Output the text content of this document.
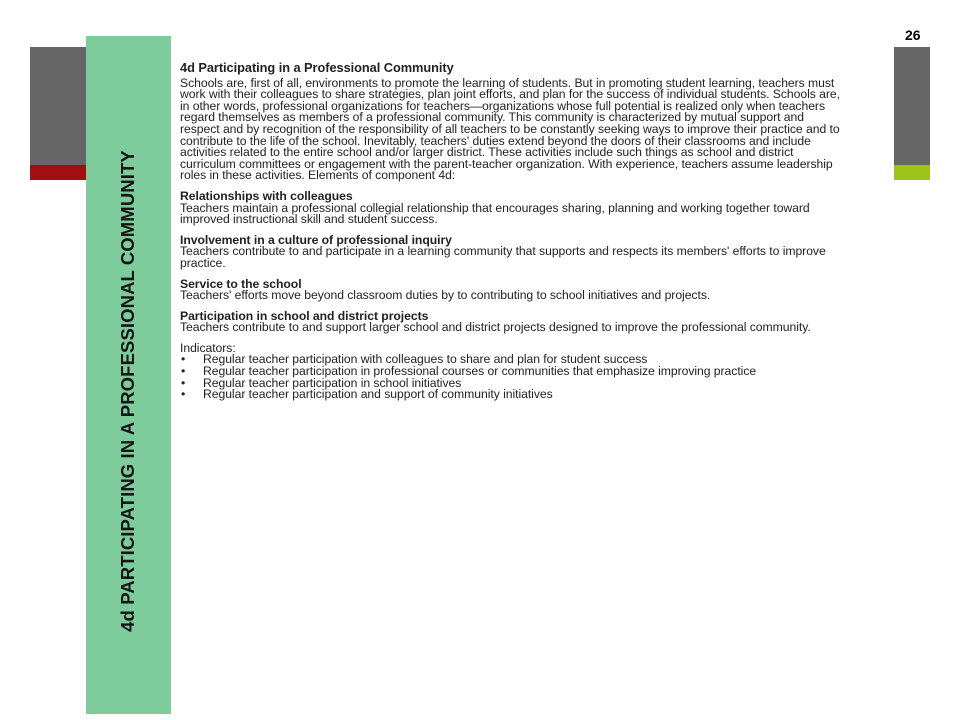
26
4d PARTICIPATING IN A PROFESSIONAL COMMUNITY
4d Participating in a Professional Community
Schools are, first of all, environments to promote the learning of students. But in promoting student learning, teachers must work with their colleagues to share strategies, plan joint efforts, and plan for the success of individual students. Schools are, in other words, professional organizations for teachers—organizations whose full potential is realized only when teachers regard themselves as members of a professional community. This community is characterized by mutual support and respect and by recognition of the responsibility of all teachers to be constantly seeking ways to improve their practice and to contribute to the life of the school. Inevitably, teachers' duties extend beyond the doors of their classrooms and include activities related to the entire school and/or larger district. These activities include such things as school and district curriculum committees or engagement with the parent-teacher organization. With experience, teachers assume leadership roles in these activities. Elements of component 4d:
Relationships with colleagues
Teachers maintain a professional collegial relationship that encourages sharing, planning and working together toward improved instructional skill and student success.
Involvement in a culture of professional inquiry
Teachers contribute to and participate in a learning community that supports and respects its members' efforts to improve practice.
Service to the school
Teachers' efforts move beyond classroom duties by to contributing to school initiatives and projects.
Participation in school and district projects
Teachers contribute to and support larger school and district projects designed to improve the professional community.
Indicators:
• Regular teacher participation with colleagues to share and plan for student success
• Regular teacher participation in professional courses or communities that emphasize improving practice
• Regular teacher participation in school initiatives
• Regular teacher participation and support of community initiatives
